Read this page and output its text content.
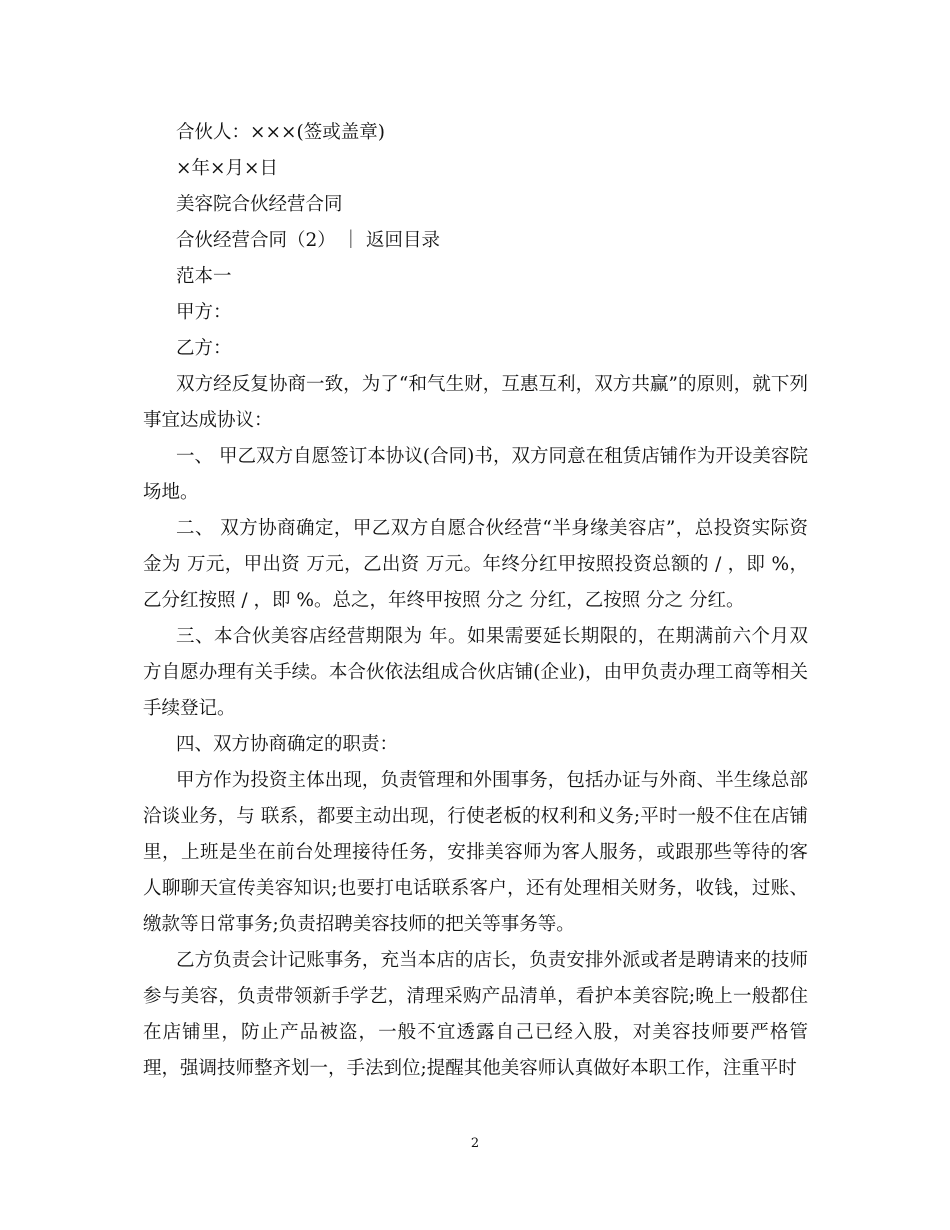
合伙人：×××(签或盖章)
×年×月×日
美容院合伙经营合同
合伙经营合同（2） ｜ 返回目录
范本一
甲方：
乙方：

双方经反复协商一致，为了“和气生财，互惠互利，双方共赢”的原则，就下列事宜达成协议：

一、 甲乙双方自愿签订本协议(合同)书，双方同意在租赁店铺作为开设美容院场地。

二、 双方协商确定，甲乙双方自愿合伙经营“半身缘美容店”，总投资实际资金为 万元，甲出资 万元，乙出资 万元。年终分红甲按照投资总额的 / ，即 %，乙分红按照 / ，即 %。总之，年终甲按照 分之 分红，乙按照 分之 分红。

三、本合伙美容店经营期限为 年。如果需要延长期限的，在期满前六个月双方自愿办理有关手续。本合伙依法组成合伙店铺(企业)，由甲负责办理工商等相关手续登记。

四、双方协商确定的职责：

甲方作为投资主体出现，负责管理和外围事务，包括办证与外商、半生缘总部洽谈业务，与 联系，都要主动出现，行使老板的权利和义务;平时一般不住在店铺里，上班是坐在前台处理接待任务，安排美容师为客人服务，或跟那些等待的客人聊聊天宣传美容知识;也要打电话联系客户，还有处理相关财务，收钱，过账、缴款等日常事务;负责招聘美容技师的把关等事务等。

乙方负责会计记账事务，充当本店的店长，负责安排外派或者是聘请来的技师参与美容，负责带领新手学艺，清理采购产品清单，看护本美容院;晚上一般都住在店铺里，防止产品被盗，一般不宜透露自己已经入股，对美容技师要严格管理，强调技师整齐划一，手法到位;提醒其他美容师认真做好本职工作，注重平时

2
